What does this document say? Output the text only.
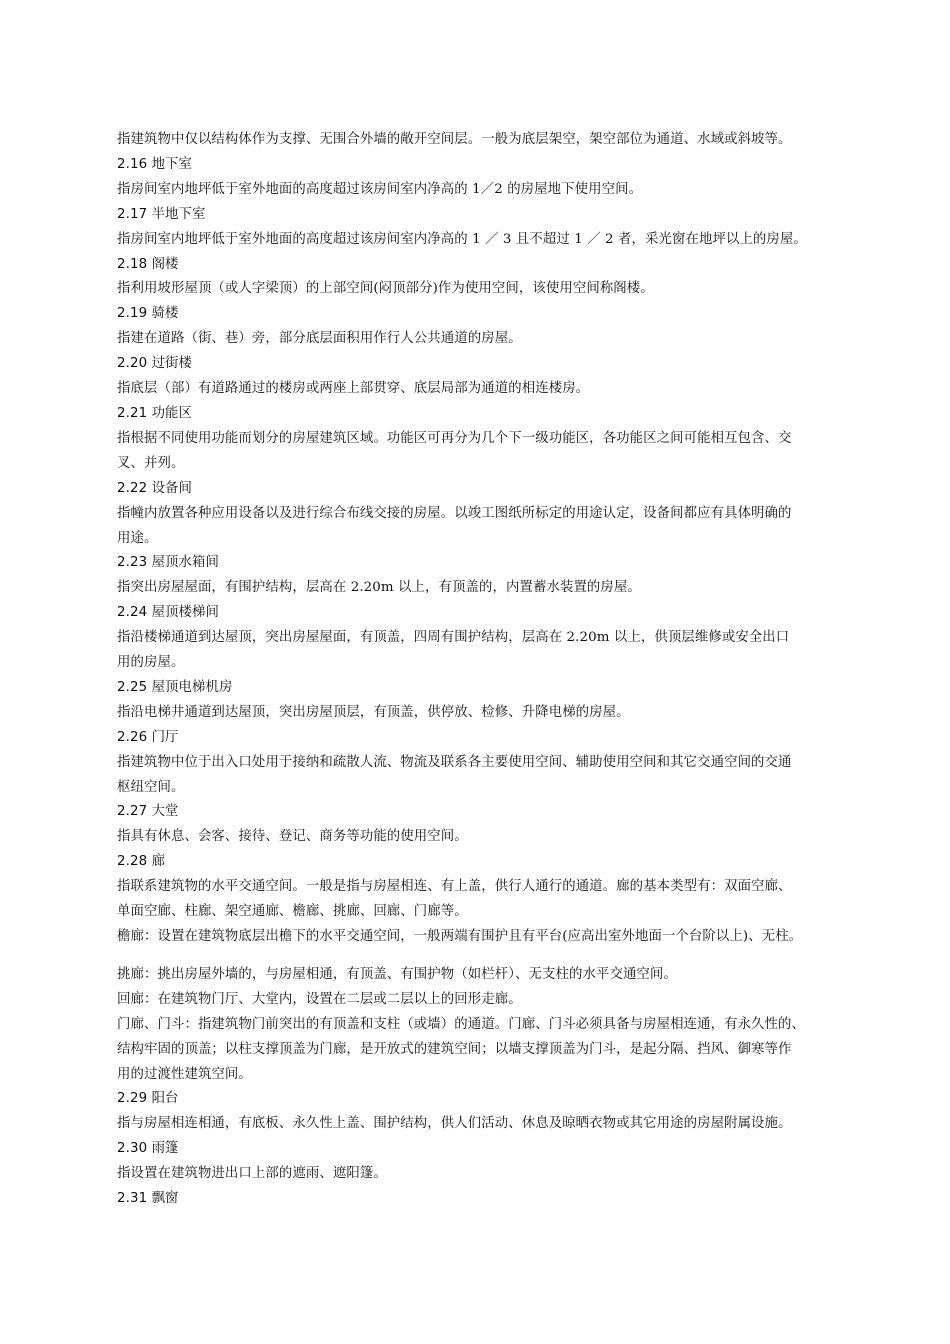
指建筑物中仅以结构体作为支撑、无围合外墙的敞开空间层。一般为底层架空，架空部位为通道、水域或斜坡等。
2.16 地下室
指房间室内地坪低于室外地面的高度超过该房间室内净高的 1／2 的房屋地下使用空间。
2.17 半地下室
指房间室内地坪低于室外地面的高度超过该房间室内净高的 1 ／ 3 且不超过 1 ／ 2 者，采光窗在地坪以上的房屋。
2.18 阁楼
指利用坡形屋顶（或人字梁顶）的上部空间(闷顶部分)作为使用空间，该使用空间称阁楼。
2.19 骑楼
指建在道路（街、巷）旁，部分底层面积用作行人公共通道的房屋。
2.20 过街楼
指底层（部）有道路通过的楼房或两座上部贯穿、底层局部为通道的相连楼房。
2.21 功能区
指根据不同使用功能而划分的房屋建筑区域。功能区可再分为几个下一级功能区，各功能区之间可能相互包含、交
叉、并列。
2.22 设备间
指幢内放置各种应用设备以及进行综合布线交接的房屋。以竣工图纸所标定的用途认定，设备间都应有具体明确的
用途。
2.23 屋顶水箱间
指突出房屋屋面，有围护结构，层高在 2.20m 以上，有顶盖的，内置蓄水装置的房屋。
2.24 屋顶楼梯间
指沿楼梯通道到达屋顶，突出房屋屋面，有顶盖，四周有围护结构，层高在 2.20m 以上，供顶层维修或安全出口
用的房屋。
2.25 屋顶电梯机房
指沿电梯井通道到达屋顶，突出房屋顶层，有顶盖，供停放、检修、升降电梯的房屋。
2.26 门厅
指建筑物中位于出入口处用于接纳和疏散人流、物流及联系各主要使用空间、辅助使用空间和其它交通空间的交通
枢纽空间。
2.27 大堂
指具有休息、会客、接待、登记、商务等功能的使用空间。
2.28 廊
指联系建筑物的水平交通空间。一般是指与房屋相连、有上盖，供行人通行的通道。廊的基本类型有：双面空廊、
单面空廊、柱廊、架空通廊、檐廊、挑廊、回廊、门廊等。
檐廊：设置在建筑物底层出檐下的水平交通空间，一般两端有围护且有平台(应高出室外地面一个台阶以上)、无柱。
挑廊：挑出房屋外墙的，与房屋相通，有顶盖、有围护物（如栏杆）、无支柱的水平交通空间。
回廊：在建筑物门厅、大堂内，设置在二层或二层以上的回形走廊。
门廊、门斗：指建筑物门前突出的有顶盖和支柱（或墙）的通道。门廊、门斗必须具备与房屋相连通，有永久性的、
结构牢固的顶盖；以柱支撑顶盖为门廊，是开放式的建筑空间；以墙支撑顶盖为门斗，是起分隔、挡风、御寒等作
用的过渡性建筑空间。
2.29 阳台
指与房屋相连相通，有底板、永久性上盖、围护结构，供人们活动、休息及晾晒衣物或其它用途的房屋附属设施。
2.30 雨篷
指设置在建筑物进出口上部的遮雨、遮阳篷。
2.31 飘窗
